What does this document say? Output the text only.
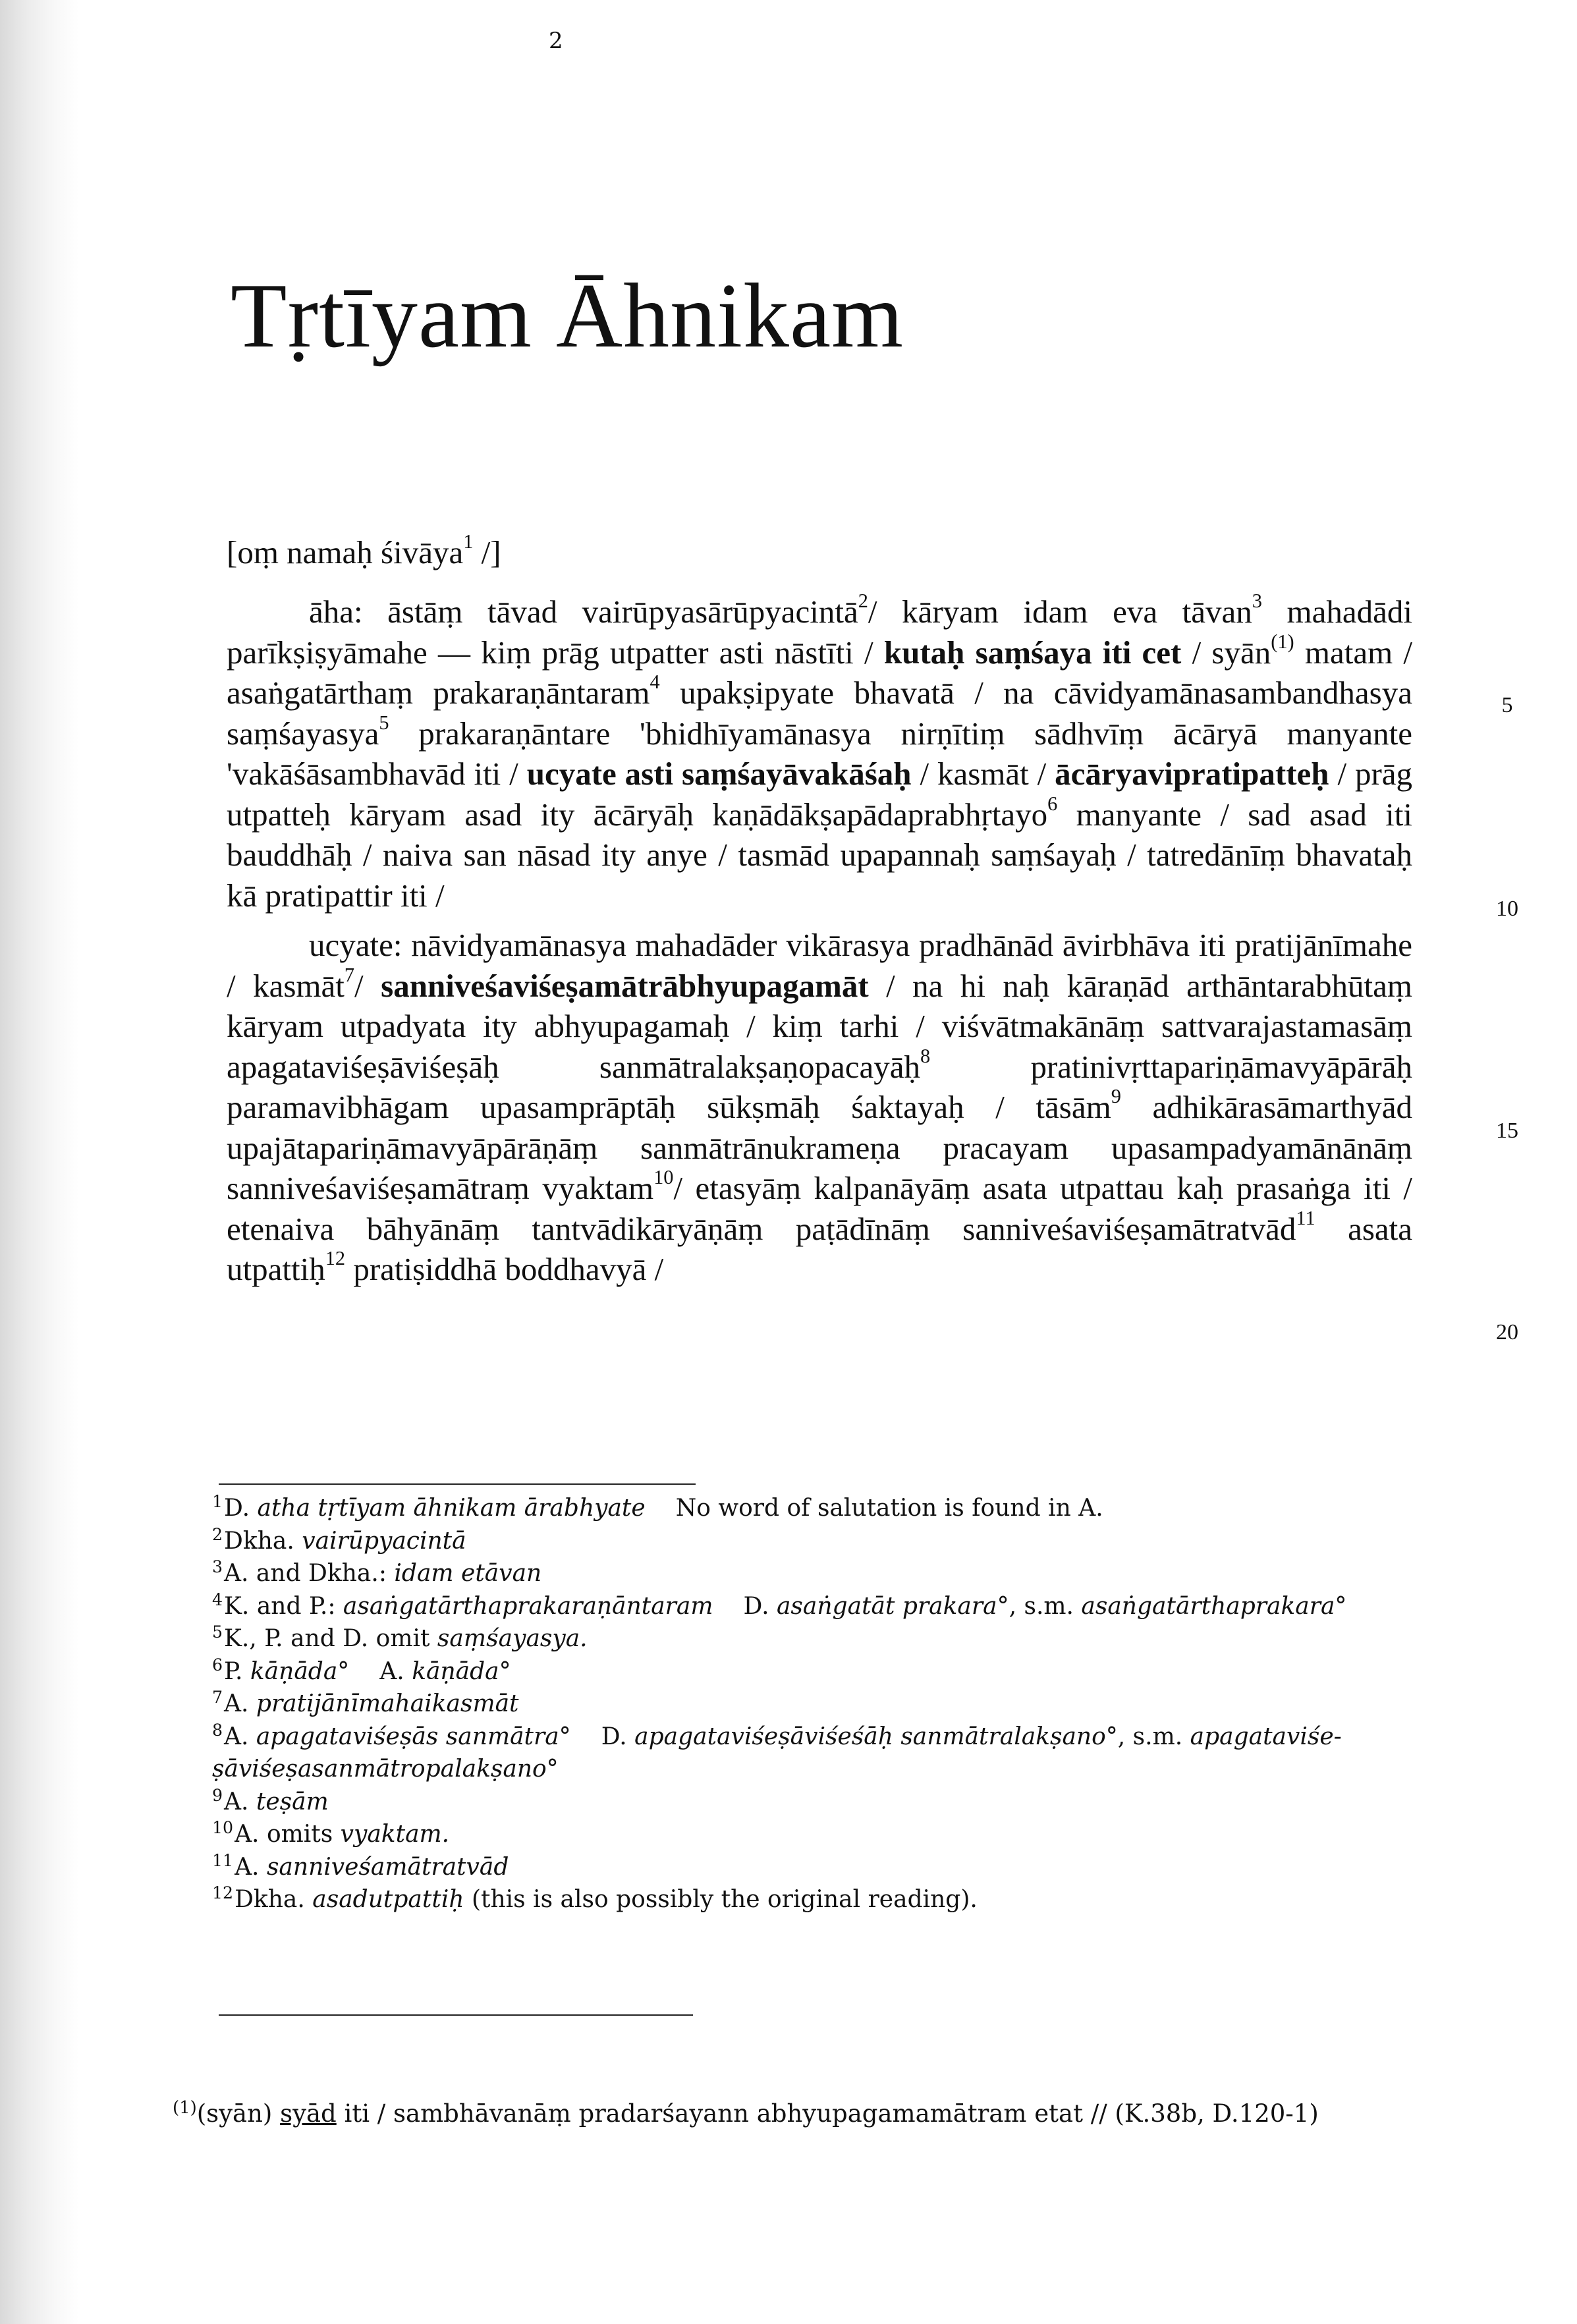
2
Tṛtīyam Āhnikam

[oṃ namaḥ śivāya$^1$ /]

āha: āstāṃ tāvad vairūpyasārūpyacintā$^2$/ kāryam idam eva tāvan$^3$ mahadādi parīkṣiṣyāmahe — kiṃ prāg utpatter asti nāstīti / kutaḥ saṃśaya iti cet / syān$^{(1)}$ matam / asaṅgatārthaṃ prakaraṇāntaram$^4$ upakṣipyate bhavatā / na cāvidyamānasambandhasya saṃśayasya$^5$ prakaraṇāntare 'bhidhīyamānasya nirṇītiṃ sādhvīṃ ācāryā manyante 'vakāśāsambhavād iti / ucyate asti saṃśayāvakāśaḥ / kasmāt / ācāryavipratipatteḥ / prāg utpatteḥ kāryam asad ity ācāryāḥ kaṇādākṣapādaprabhṛtayo$^6$ manyante / sad asad iti bauddhāḥ / naiva san nāsad ity anye / tasmād upapannaḥ saṃśayaḥ / tatredānīṃ bhavataḥ kā pratipattir iti /

ucyate: nāvidyamānasya mahadāder vikārasya pradhānād āvirbhāva iti pratijānīmahe / kasmāt$^7$/ sanniveśaviśeṣamātrābhyupagamāt / na hi naḥ kāraṇād arthāntarabhūtaṃ kāryam utpadyata ity abhyupagamaḥ / kiṃ tarhi / viśvātmakānāṃ sattvarajastamasāṃ apagataviśeṣāviśeṣāḥ sanmātralakṣaṇopacayāḥ$^8$ pratinivṛttapariṇāmavyāpārāḥ paramavibhāgam upasamprāptāḥ sūkṣmāḥ śaktayaḥ / tāsām$^9$ adhikārasāmarthyād upajātapariṇāmavyāpārāṇāṃ sanmātrānukrameṇa pracayam upasampadyamānānāṃ sanniveśaviśeṣamātraṃ vyaktam$^{10}$/ etasyāṃ kalpanāyāṃ asata utpattau kaḥ prasaṅga iti / etenaiva bāhyānāṃ tantvādikāryāṇāṃ paṭādīnāṃ sanniveśaviśeṣamātratvād$^{11}$ asata utpattiḥ$^{12}$ pratiṣiddhā boddhavyā /

5
10
15
20
$^1$D. atha tṛtīyam āhnikam ārabhyate No word of salutation is found in A.
$^2$Dkha. vairūpyacintā
$^3$A. and Dkha.: idam etāvan
$^4$K. and P.: asaṅgatārthaprakaraṇāntaram D. asaṅgatāt prakara°, s.m. asaṅgatārthaprakara°
$^5$K., P. and D. omit saṃśayasya.
$^6$P. kāṇāda° A. kāṇāda°
$^7$A. pratijānīmahaikasmāt
$^8$A. apagataviśeṣās sanmātra° D. apagataviśeṣāviśeśāḥ sanmātralakṣano°, s.m. apagataviśe-
ṣāviśeṣasanmātropalakṣano°
$^9$A. teṣām
$^{10}$A. omits vyaktam.
$^{11}$A. sanniveśamātratvād
$^{12}$Dkha. asadutpattiḥ (this is also possibly the original reading).
$^{(1)}$(syān) syād iti / sambhāvanāṃ pradarśayann abhyupagamamātram etat // (K.38b, D.120-1)
